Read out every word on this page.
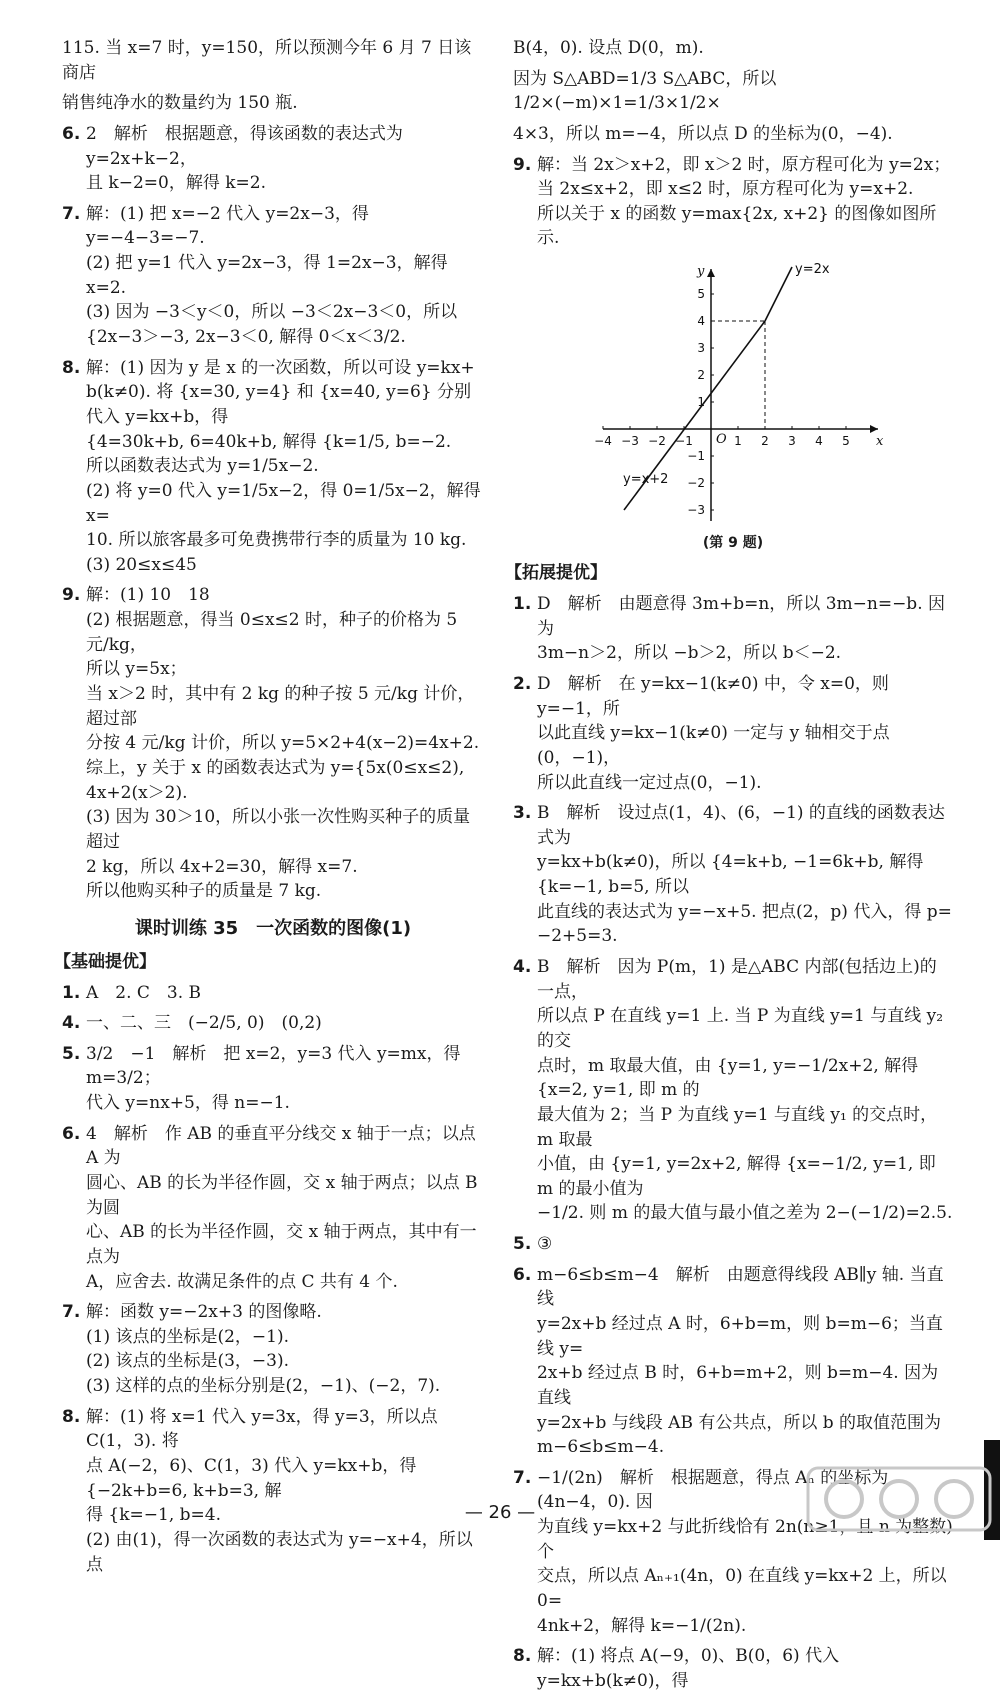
115. 当 x=7 时，y=150，所以预测今年 6 月 7 日该商店

销售纯净水的数量约为 150 瓶.

6. 2　解析　根据题意，得该函数的表达式为 y=2x+k−2，
且 k−2=0，解得 k=2.
7. 解：(1) 把 x=−2 代入 y=2x−3，得 y=−4−3=−7.
(2) 把 y=1 代入 y=2x−3，得 1=2x−3，解得 x=2.
(3) 因为 −3＜y＜0，所以 −3＜2x−3＜0，所以
{2x−3＞−3, 2x−3＜0, 解得 0＜x＜3/2.
8. 解：(1) 因为 y 是 x 的一次函数，所以可设 y=kx+
b(k≠0). 将 {x=30, y=4} 和 {x=40, y=6} 分别代入 y=kx+b，得
{4=30k+b, 6=40k+b, 解得 {k=1/5, b=−2.
所以函数表达式为 y=1/5x−2.
(2) 将 y=0 代入 y=1/5x−2，得 0=1/5x−2，解得 x=
10. 所以旅客最多可免费携带行李的质量为 10 kg.
(3) 20≤x≤45
9. 解：(1) 10　18
(2) 根据题意，得当 0≤x≤2 时，种子的价格为 5 元/kg，
所以 y=5x；
当 x＞2 时，其中有 2 kg 的种子按 5 元/kg 计价，超过部
分按 4 元/kg 计价，所以 y=5×2+4(x−2)=4x+2.
综上，y 关于 x 的函数表达式为 y={5x(0≤x≤2), 4x+2(x＞2).
(3) 因为 30＞10，所以小张一次性购买种子的质量超过
2 kg，所以 4x+2=30，解得 x=7.
所以他购买种子的质量是 7 kg.
课时训练 35　一次函数的图像(1)
【基础提优】
1. A　2. C　3. B
4. 一、二、三　(−2/5, 0)　(0,2)
5. 3/2　−1　解析　把 x=2，y=3 代入 y=mx，得 m=3/2；
代入 y=nx+5，得 n=−1.
6. 4　解析　作 AB 的垂直平分线交 x 轴于一点；以点 A 为
圆心、AB 的长为半径作圆，交 x 轴于两点；以点 B 为圆
心、AB 的长为半径作圆，交 x 轴于两点，其中有一点为
A，应舍去. 故满足条件的点 C 共有 4 个.
7. 解：函数 y=−2x+3 的图像略.
(1) 该点的坐标是(2，−1).
(2) 该点的坐标是(3，−3).
(3) 这样的点的坐标分别是(2，−1)、(−2，7).
8. 解：(1) 将 x=1 代入 y=3x，得 y=3，所以点 C(1，3). 将
点 A(−2，6)、C(1，3) 代入 y=kx+b，得 {−2k+b=6, k+b=3, 解
得 {k=−1, b=4.
(2) 由(1)，得一次函数的表达式为 y=−x+4，所以点

B(4，0). 设点 D(0，m).

因为 S△ABD=1/3 S△ABC，所以 1/2×(−m)×1=1/3×1/2×

4×3，所以 m=−4，所以点 D 的坐标为(0，−4).

9. 解：当 2x＞x+2，即 x＞2 时，原方程可化为 y=2x；
当 2x≤x+2，即 x≤2 时，原方程可化为 y=x+2.
所以关于 x 的函数 y=max{2x, x+2} 的图像如图所示.
−4 −3 −2 −1	1 2 3 4 5
5
4
3
2
1
−1
−2
−3
O	x
y	y=2x
y=x+2
(第 9 题)
【拓展提优】
1. D　解析　由题意得 3m+b=n，所以 3m−n=−b. 因为
3m−n＞2，所以 −b＞2，所以 b＜−2.
2. D　解析　在 y=kx−1(k≠0) 中，令 x=0，则 y=−1，所
以此直线 y=kx−1(k≠0) 一定与 y 轴相交于点(0，−1)，
所以此直线一定过点(0，−1).
3. B　解析　设过点(1，4)、(6，−1) 的直线的函数表达式为
y=kx+b(k≠0)，所以 {4=k+b, −1=6k+b, 解得 {k=−1, b=5, 所以
此直线的表达式为 y=−x+5. 把点(2，p) 代入，得 p=
−2+5=3.
4. B　解析　因为 P(m，1) 是△ABC 内部(包括边上)的一点，
所以点 P 在直线 y=1 上. 当 P 为直线 y=1 与直线 y₂ 的交
点时，m 取最大值，由 {y=1, y=−1/2x+2, 解得 {x=2, y=1, 即 m 的
最大值为 2；当 P 为直线 y=1 与直线 y₁ 的交点时，m 取最
小值，由 {y=1, y=2x+2, 解得 {x=−1/2, y=1, 即 m 的最小值为
−1/2. 则 m 的最大值与最小值之差为 2−(−1/2)=2.5.
5. ③
6. m−6≤b≤m−4　解析　由题意得线段 AB∥y 轴. 当直线
y=2x+b 经过点 A 时，6+b=m，则 b=m−6；当直线 y=
2x+b 经过点 B 时，6+b=m+2，则 b=m−4. 因为直线
y=2x+b 与线段 AB 有公共点，所以 b 的取值范围为
m−6≤b≤m−4.
7. −1/(2n)　解析　根据题意，得点 Aₙ 的坐标为(4n−4，0). 因
为直线 y=kx+2 与此折线恰有 2n(n≥1，且 n 为整数) 个
交点，所以点 Aₙ₊₁(4n，0) 在直线 y=kx+2 上，所以 0=
4nk+2，解得 k=−1/(2n).
8. 解：(1) 将点 A(−9，0)、B(0，6) 代入 y=kx+b(k≠0)，得
— 26 —
